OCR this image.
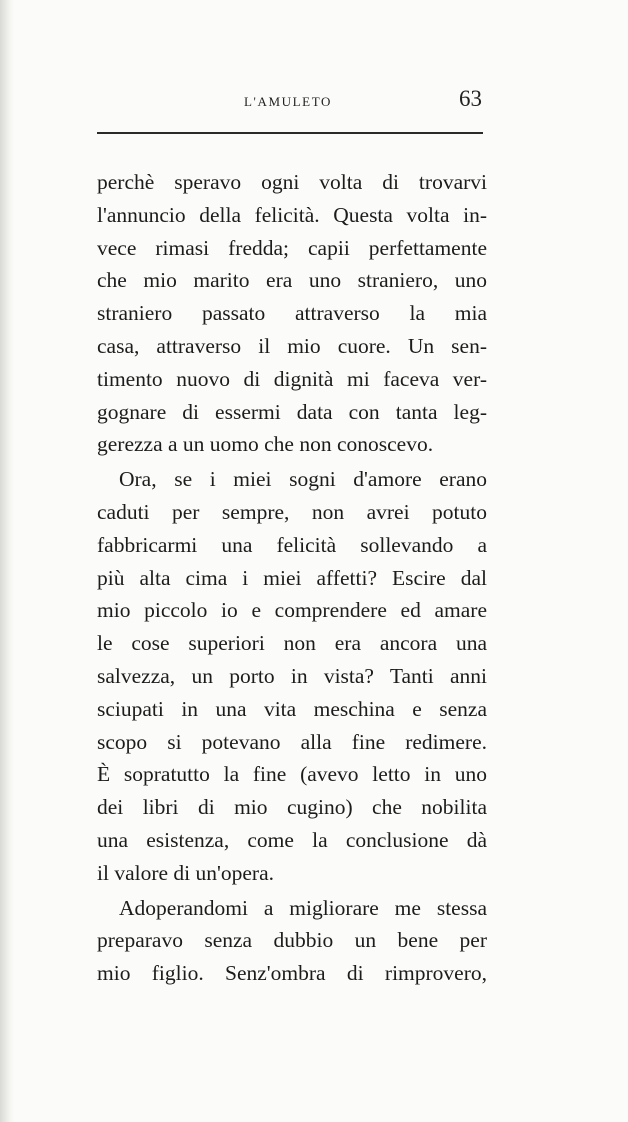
L'AMULETO	63
perchè speravo ogni volta di trovarvi
l'annuncio della felicità. Questa volta in-
vece rimasi fredda; capii perfettamente
che mio marito era uno straniero, uno
straniero passato attraverso la mia
casa, attraverso il mio cuore. Un sen-
timento nuovo di dignità mi faceva ver-
gognare di essermi data con tanta leg-
gerezza a un uomo che non conoscevo.
Ora, se i miei sogni d'amore erano
caduti per sempre, non avrei potuto
fabbricarmi una felicità sollevando a
più alta cima i miei affetti? Escire dal
mio piccolo io e comprendere ed amare
le cose superiori non era ancora una
salvezza, un porto in vista? Tanti anni
sciupati in una vita meschina e senza
scopo si potevano alla fine redimere.
È sopratutto la fine (avevo letto in uno
dei libri di mio cugino) che nobilita
una esistenza, come la conclusione dà
il valore di un'opera.
Adoperandomi a migliorare me stessa
preparavo senza dubbio un bene per
mio figlio. Senz'ombra di rimprovero,
